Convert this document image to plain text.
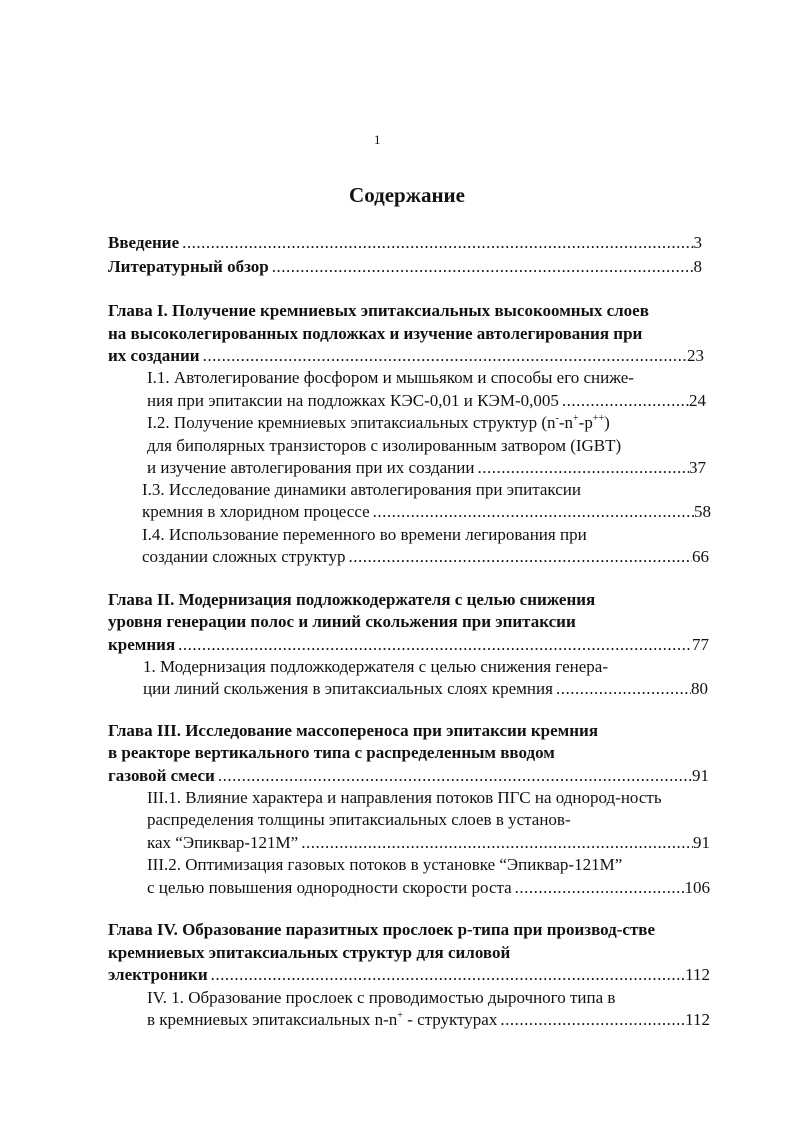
1
Содержание
Введение .....	3
Литературный обзор .....	8
Глава I. Получение кремниевых эпитаксиальных высокоомных слоев
на высоколегированных подложках и изучение автолегирования при
их создании .....	23
I.1. Автолегирование фосфором и мышьяком и способы его сниже-
ния при эпитаксии на подложках КЭС-0,01 и КЭМ-0,005 .....	24
I.2. Получение кремниевых эпитаксиальных структур (n--n+-p++)
для биполярных транзисторов с изолированным затвором (IGBT)
и изучение автолегирования при их создании .....	37
I.3. Исследование динамики автолегирования при эпитаксии
кремния в хлоридном процессе .....	58
I.4. Использование переменного во времени легирования при
создании сложных структур .....	66
Глава II. Модернизация подложкодержателя с целью снижения
уровня генерации полос и линий скольжения при эпитаксии
кремния .....	77
1. Модернизация подложкодержателя с целью снижения генера-
ции линий скольжения в эпитаксиальных слоях кремния .....	80
Глава III. Исследование массопереноса при эпитаксии кремния
в реакторе вертикального типа с распределенным вводом
газовой смеси .....	91
III.1. Влияние характера и направления потоков ПГС на однород-ность
распределения толщины эпитаксиальных слоев в установ-
ках “Эпиквар-121М” .....	91
III.2. Оптимизация газовых потоков в установке “Эпиквар-121М”
с целью повышения однородности скорости роста .....	106
Глава IV. Образование паразитных прослоек p-типа при производ-стве
кремниевых эпитаксиальных структур для силовой
электроники .....	112
IV. 1. Образование прослоек с проводимостью дырочного типа в
в кремниевых эпитаксиальных n-n+ - структурах .....	112
